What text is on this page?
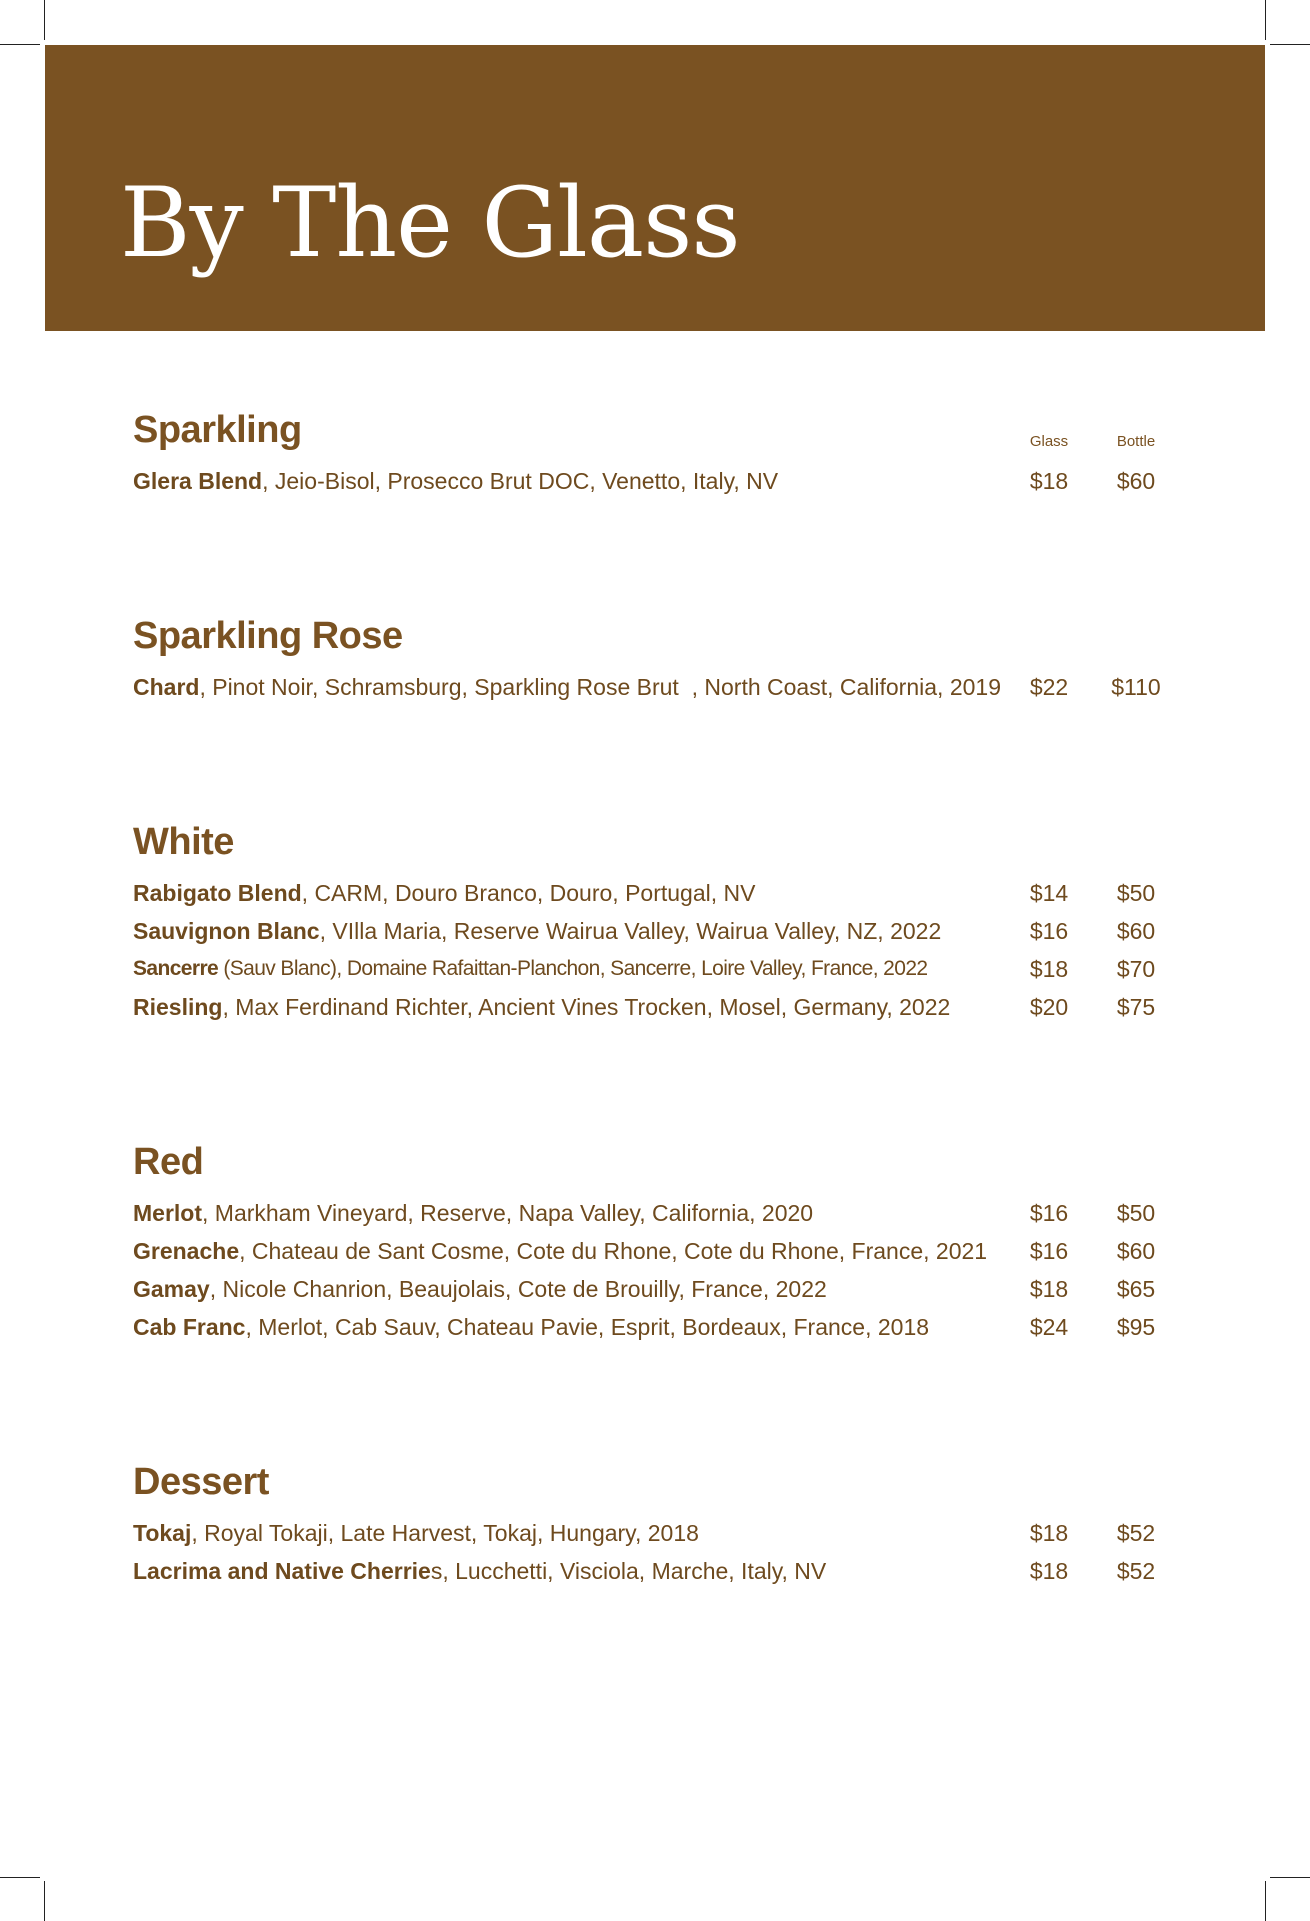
By The Glass
Sparkling	Glass	Bottle
Glera Blend, Jeio-Bisol, Prosecco Brut DOC, Venetto, Italy, NV	$18	$60
Sparkling Rose
Chard, Pinot Noir, Schramsburg, Sparkling Rose Brut  , North Coast, California, 2019	$22	$110
White
Rabigato Blend, CARM, Douro Branco, Douro, Portugal, NV	$14	$50
Sauvignon Blanc, VIlla Maria, Reserve Wairua Valley, Wairua Valley, NZ, 2022	$16	$60
Sancerre (Sauv Blanc), Domaine Rafaittan-Planchon, Sancerre, Loire Valley, France, 2022	$18	$70
Riesling, Max Ferdinand Richter, Ancient Vines Trocken, Mosel, Germany, 2022	$20	$75
Red
Merlot, Markham Vineyard, Reserve, Napa Valley, California, 2020	$16	$50
Grenache, Chateau de Sant Cosme, Cote du Rhone, Cote du Rhone, France, 2021	$16	$60
Gamay, Nicole Chanrion, Beaujolais, Cote de Brouilly, France, 2022	$18	$65
Cab Franc, Merlot, Cab Sauv, Chateau Pavie, Esprit, Bordeaux, France, 2018	$24	$95
Dessert
Tokaj, Royal Tokaji, Late Harvest, Tokaj, Hungary, 2018	$18	$52
Lacrima and Native Cherries, Lucchetti, Visciola, Marche, Italy, NV	$18	$52
